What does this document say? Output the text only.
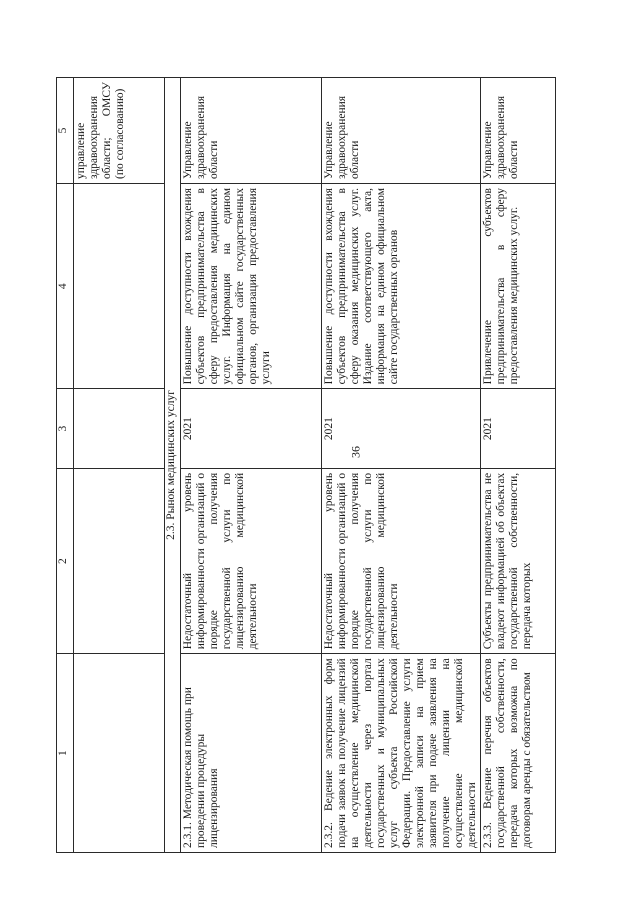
36
1	2	3	4	5
				управление здравоохранения области; ОМСУ (по согласованию)
2.3. Рынок медицинских услуг				
2.3.1. Методическая помощь при проведении процедуры лицензирования	Недостаточный уровень информированности организаций о порядке получения государственной услуги по лицензированию медицинской деятельности	2021	Повышение доступности вхождения субъектов предпринимательства в сферу предоставления медицинских услуг. Информация на едином официальном сайте государственных органов, организация предоставления услуги	Управление здравоохранения области
2.3.2. Ведение электронных форм подачи заявок на получение лицензий на осуществление медицинской деятельности через портал государственных и муниципальных услуг субъекта Российской Федерации. Предоставление услуги электронной записи на прием заявителя при подаче заявления на получение лицензии на осуществление медицинской деятельности	Недостаточный уровень информированности организаций о порядке получения государственной услуги по лицензированию медицинской деятельности	2021	Повышение доступности вхождения субъектов предпринимательства в сферу оказания медицинских услуг. Издание соответствующего акта, информация на едином официальном сайте государственных органов	Управление здравоохранения области
2.3.3. Ведение перечня объектов государственной собственности, передача которых возможна по договорам аренды с обязательством	Субъекты предпринимательства не владеют информацией об объектах государственной собственности, передача которых	2021	Привлечение субъектов предпринимательства в сферу предоставления медицинских услуг.	Управление здравоохранения области
